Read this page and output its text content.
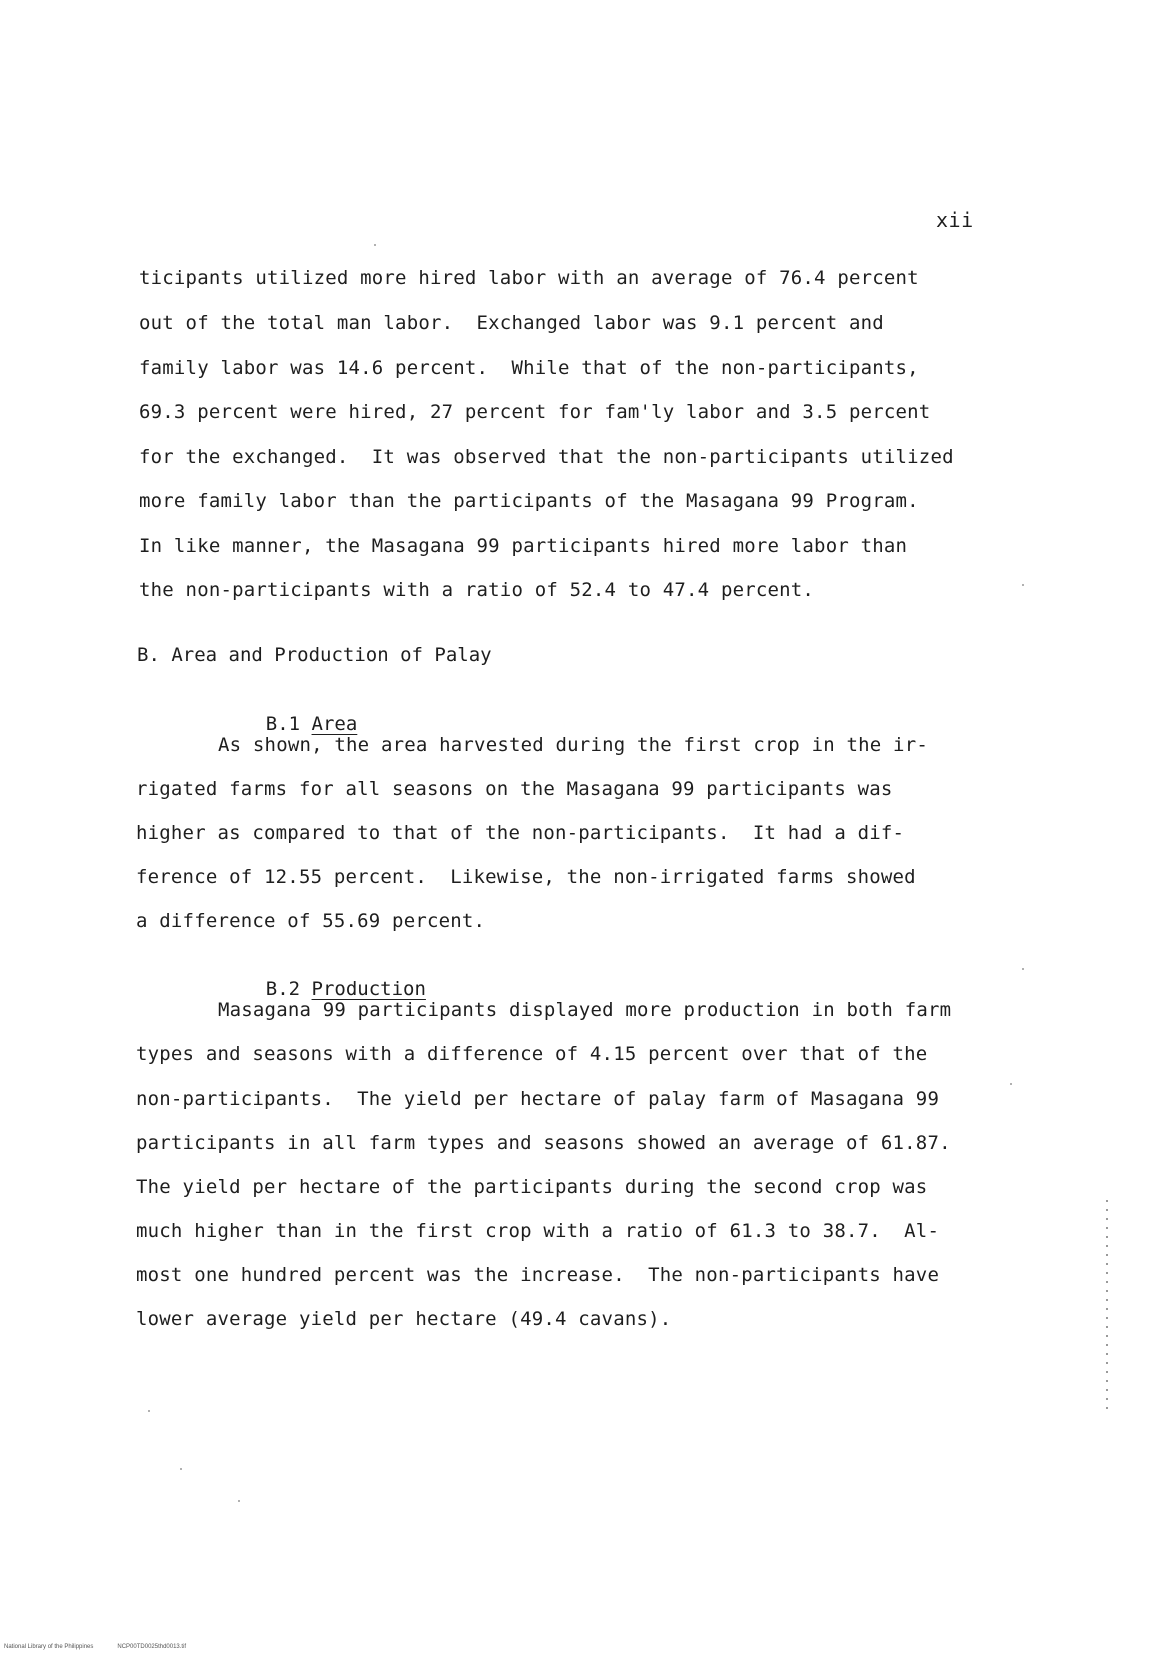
xii
ticipants utilized more hired labor with an average of 76.4 percent
out of the total man labor.  Exchanged labor was 9.1 percent and
family labor was 14.6 percent.  While that of the non-participants,
69.3 percent were hired, 27 percent for fam'ly labor and 3.5 percent
for the exchanged.  It was observed that the non-participants utilized
more family labor than the participants of the Masagana 99 Program.
In like manner, the Masagana 99 participants hired more labor than
the non-participants with a ratio of 52.4 to 47.4 percent.
B. Area and Production of Palay

B.1 Area

As shown, the area harvested during the first crop in the ir-
rigated farms for all seasons on the Masagana 99 participants was
higher as compared to that of the non-participants.  It had a dif-
ference of 12.55 percent.  Likewise, the non-irrigated farms showed
a difference of 55.69 percent.

B.2 Production

Masagana 99 participants displayed more production in both farm
types and seasons with a difference of 4.15 percent over that of the
non-participants.  The yield per hectare of palay farm of Masagana 99
participants in all farm types and seasons showed an average of 61.87.
The yield per hectare of the participants during the second crop was
much higher than in the first crop with a ratio of 61.3 to 38.7.  Al-
most one hundred percent was the increase.  The non-participants have
lower average yield per hectare (49.4 cavans).
National Library of the Philippines	NCP00TD0025thd0013.tif
